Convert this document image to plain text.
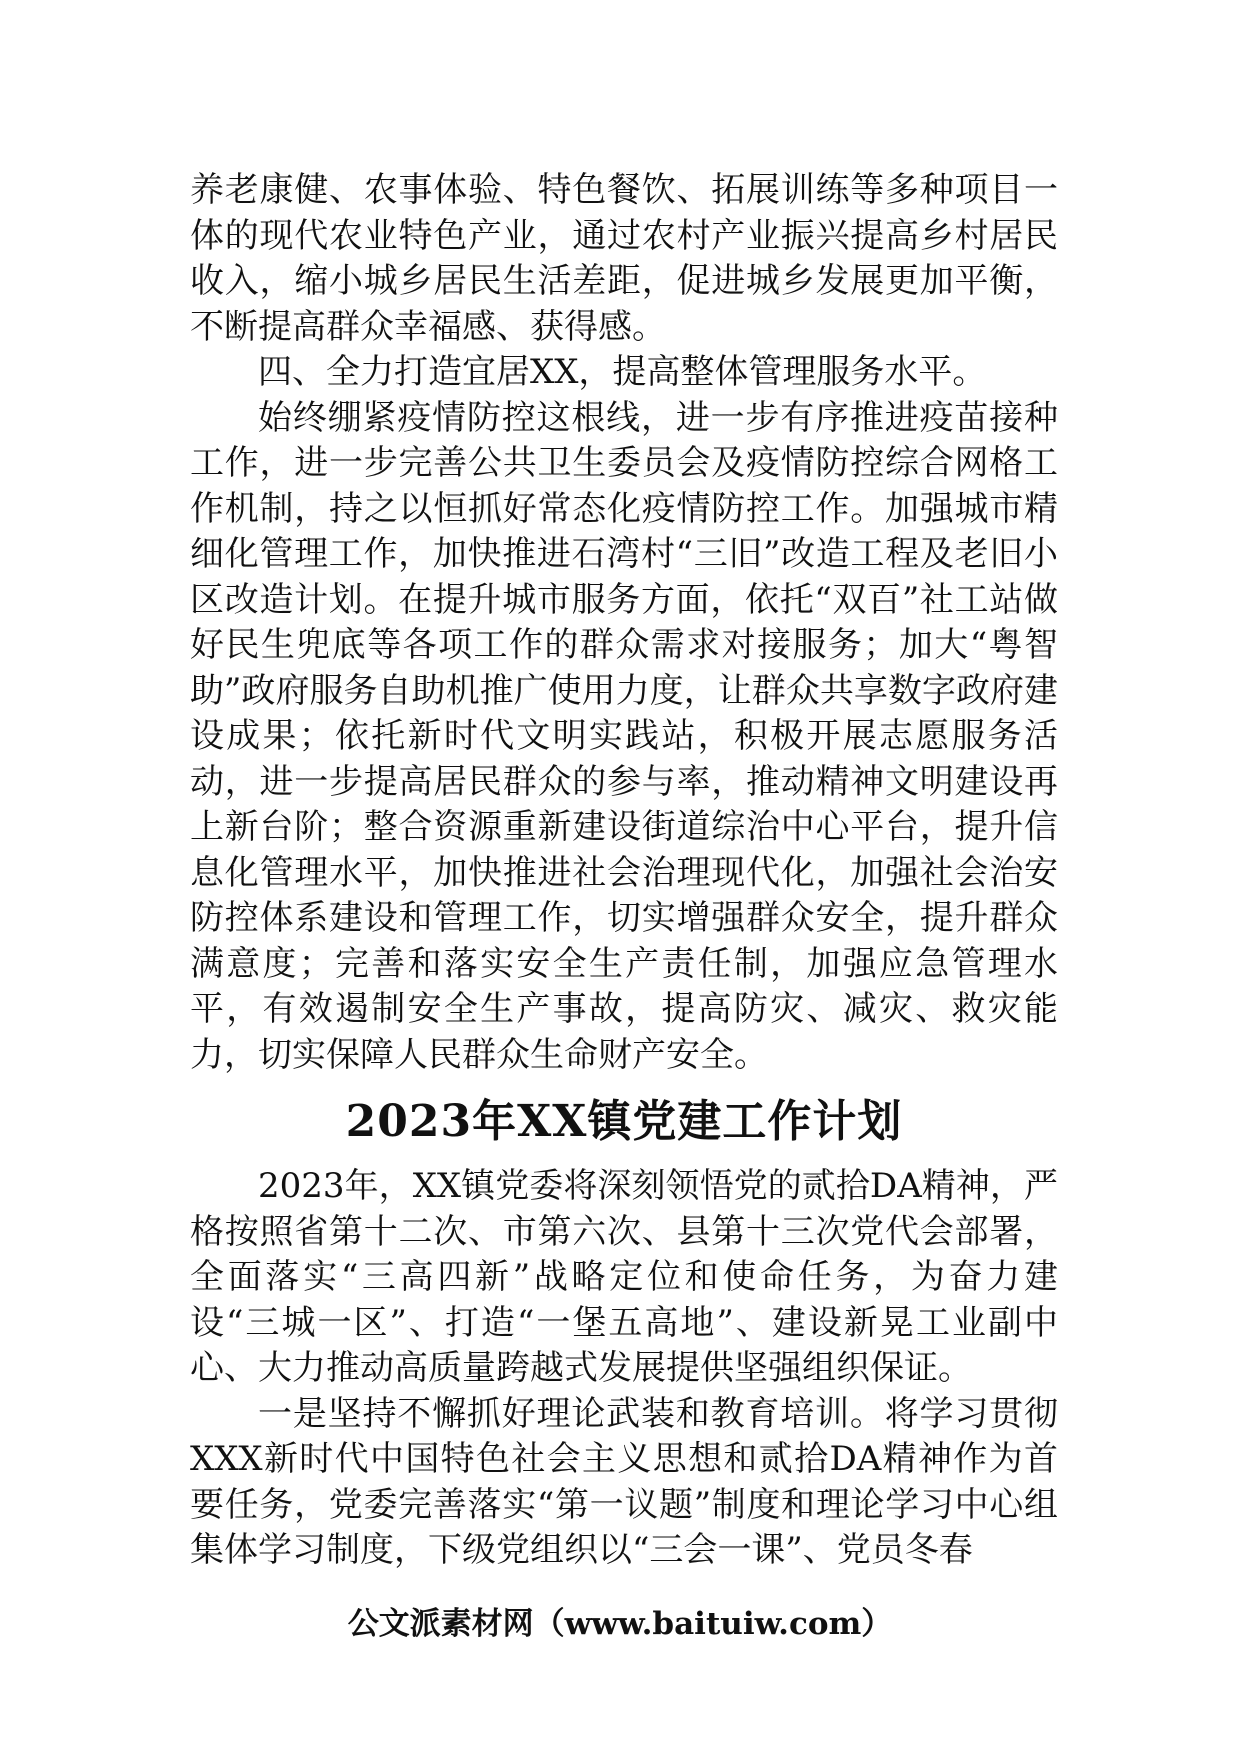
养老康健、农事体验、特色餐饮、拓展训练等多种项目一体的现代农业特色产业，通过农村产业振兴提高乡村居民收入，缩小城乡居民生活差距，促进城乡发展更加平衡，不断提高群众幸福感、获得感。

四、全力打造宜居XX，提高整体管理服务水平。

始终绷紧疫情防控这根线，进一步有序推进疫苗接种工作，进一步完善公共卫生委员会及疫情防控综合网格工作机制，持之以恒抓好常态化疫情防控工作。加强城市精细化管理工作，加快推进石湾村“三旧”改造工程及老旧小区改造计划。在提升城市服务方面，依托“双百”社工站做好民生兜底等各项工作的群众需求对接服务；加大“粤智助”政府服务自助机推广使用力度，让群众共享数字政府建设成果；依托新时代文明实践站，积极开展志愿服务活动，进一步提高居民群众的参与率，推动精神文明建设再上新台阶；整合资源重新建设街道综治中心平台，提升信息化管理水平，加快推进社会治理现代化，加强社会治安防控体系建设和管理工作，切实增强群众安全，提升群众满意度；完善和落实安全生产责任制，加强应急管理水平，有效遏制安全生产事故，提高防灾、减灾、救灾能力，切实保障人民群众生命财产安全。

2023年XX镇党建工作计划

2023年，XX镇党委将深刻领悟党的贰拾DA精神，严格按照省第十二次、市第六次、县第十三次党代会部署，全面落实“三高四新”战略定位和使命任务，为奋力建设“三城一区”、打造“一堡五高地”、建设新晃工业副中心、大力推动高质量跨越式发展提供坚强组织保证。

一是坚持不懈抓好理论武装和教育培训。将学习贯彻XXX新时代中国特色社会主义思想和贰拾DA精神作为首要任务，党委完善落实“第一议题”制度和理论学习中心组集体学习制度，下级党组织以“三会一课”、党员冬春

公文派素材网（www.baituiw.com）
